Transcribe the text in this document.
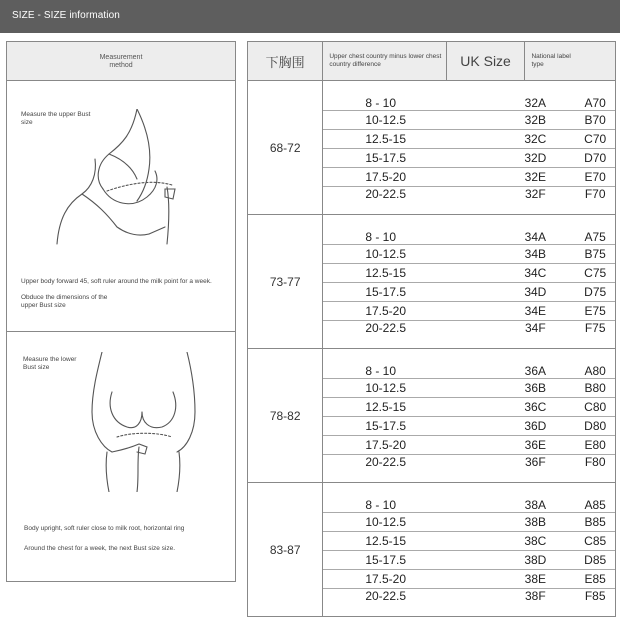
SIZE - SIZE information
Measurement
method
Measure the upper Bust
size
Upper body forward 45, soft ruler around the milk point for a week.
Obduce the dimensions of the
upper Bust size
Measure the lower
Bust size
Body upright, soft ruler close to milk root, horizontal ring
Around the chest for a week, the next Bust size size.
下胸围	Upper chest country minus lower chest
country difference	UK Size	National label
type

68-72	
8 - 10	32A	A70
10-12.5	32B	B70
12.5-15	32C	C70
15-17.5	32D	D70
17.5-20	32E	E70
20-22.5	32F	F70

73-77	
8 - 10	34A	A75
10-12.5	34B	B75
12.5-15	34C	C75
15-17.5	34D	D75
17.5-20	34E	E75
20-22.5	34F	F75

78-82	
8 - 10	36A	A80
10-12.5	36B	B80
12.5-15	36C	C80
15-17.5	36D	D80
17.5-20	36E	E80
20-22.5	36F	F80

83-87	
8 - 10	38A	A85
10-12.5	38B	B85
12.5-15	38C	C85
15-17.5	38D	D85
17.5-20	38E	E85
20-22.5	38F	F85
